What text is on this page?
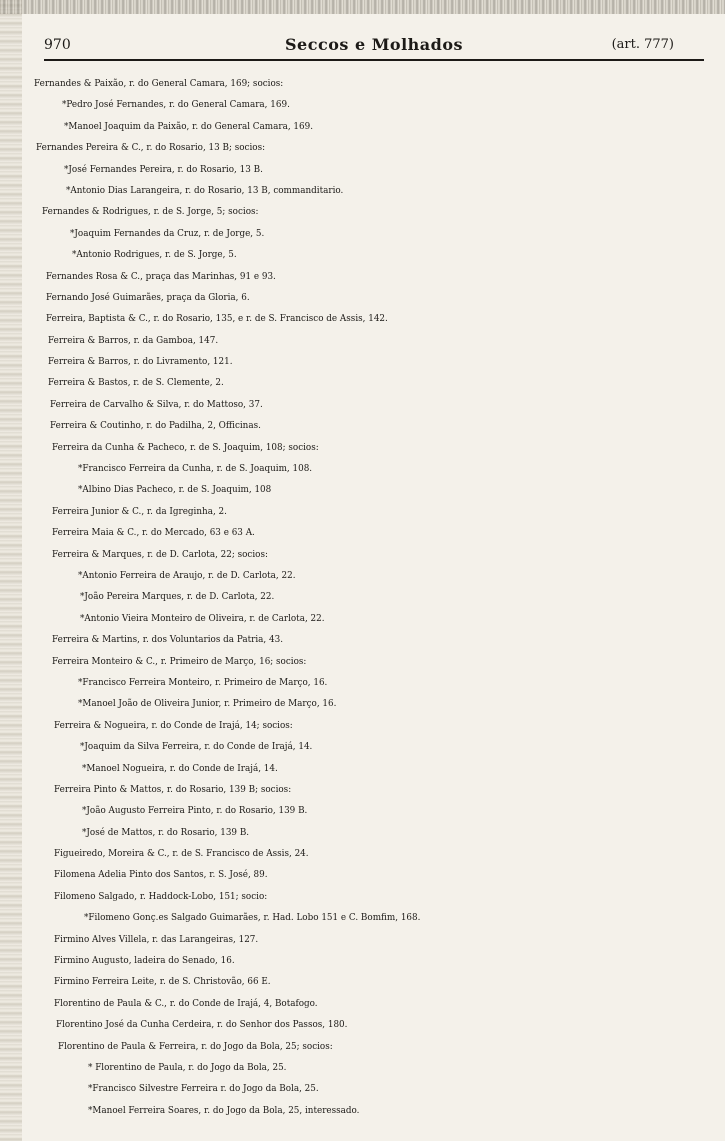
970	Seccos e Molhados	(art. 777)
Fernandes & Paixão, r. do General Camara, 169; socios:
*Pedro José Fernandes, r. do General Camara, 169.
*Manoel Joaquim da Paixão, r. do General Camara, 169.
Fernandes Pereira & C., r. do Rosario, 13 B; socios:
*José Fernandes Pereira, r. do Rosario, 13 B.
*Antonio Dias Larangeira, r. do Rosario, 13 B, commanditario.
Fernandes & Rodrigues, r. de S. Jorge, 5; socios:
*Joaquim Fernandes da Cruz, r. de Jorge, 5.
*Antonio Rodrigues, r. de S. Jorge, 5.
Fernandes Rosa & C., praça das Marinhas, 91 e 93.
Fernando José Guimarães, praça da Gloria, 6.
Ferreira, Baptista & C., r. do Rosario, 135, e r. de S. Francisco de Assis, 142.
Ferreira & Barros, r. da Gamboa, 147.
Ferreira & Barros, r. do Livramento, 121.
Ferreira & Bastos, r. de S. Clemente, 2.
Ferreira de Carvalho & Silva, r. do Mattoso, 37.
Ferreira & Coutinho, r. do Padilha, 2, Officinas.
Ferreira da Cunha & Pacheco, r. de S. Joaquim, 108; socios:
*Francisco Ferreira da Cunha, r. de S. Joaquim, 108.
*Albino Dias Pacheco, r. de S. Joaquim, 108
Ferreira Junior & C., r. da Igreginha, 2.
Ferreira Maia & C., r. do Mercado, 63 e 63 A.
Ferreira & Marques, r. de D. Carlota, 22; socios:
*Antonio Ferreira de Araujo, r. de D. Carlota, 22.
*João Pereira Marques, r. de D. Carlota, 22.
*Antonio Vieira Monteiro de Oliveira, r. de Carlota, 22.
Ferreira & Martins, r. dos Voluntarios da Patria, 43.
Ferreira Monteiro & C., r. Primeiro de Março, 16; socios:
*Francisco Ferreira Monteiro, r. Primeiro de Março, 16.
*Manoel João de Oliveira Junior, r. Primeiro de Março, 16.
Ferreira & Nogueira, r. do Conde de Irajá, 14; socios:
*Joaquim da Silva Ferreira, r. do Conde de Irajá, 14.
*Manoel Nogueira, r. do Conde de Irajá, 14.
Ferreira Pinto & Mattos, r. do Rosario, 139 B; socios:
*João Augusto Ferreira Pinto, r. do Rosario, 139 B.
*José de Mattos, r. do Rosario, 139 B.
Figueiredo, Moreira & C., r. de S. Francisco de Assis, 24.
Filomena Adelia Pinto dos Santos, r. S. José, 89.
Filomeno Salgado, r. Haddock-Lobo, 151; socio:
*Filomeno Gonç.es Salgado Guimarães, r. Had. Lobo 151 e C. Bomfim, 168.
Firmino Alves Villela, r. das Larangeiras, 127.
Firmino Augusto, ladeira do Senado, 16.
Firmino Ferreira Leite, r. de S. Christovão, 66 E.
Florentino de Paula & C., r. do Conde de Irajá, 4, Botafogo.
Florentino José da Cunha Cerdeira, r. do Senhor dos Passos, 180.
Florentino de Paula & Ferreira, r. do Jogo da Bola, 25; socios:
* Florentino de Paula, r. do Jogo da Bola, 25.
*Francisco Silvestre Ferreira r. do Jogo da Bola, 25.
*Manoel Ferreira Soares, r. do Jogo da Bola, 25, interessado.
